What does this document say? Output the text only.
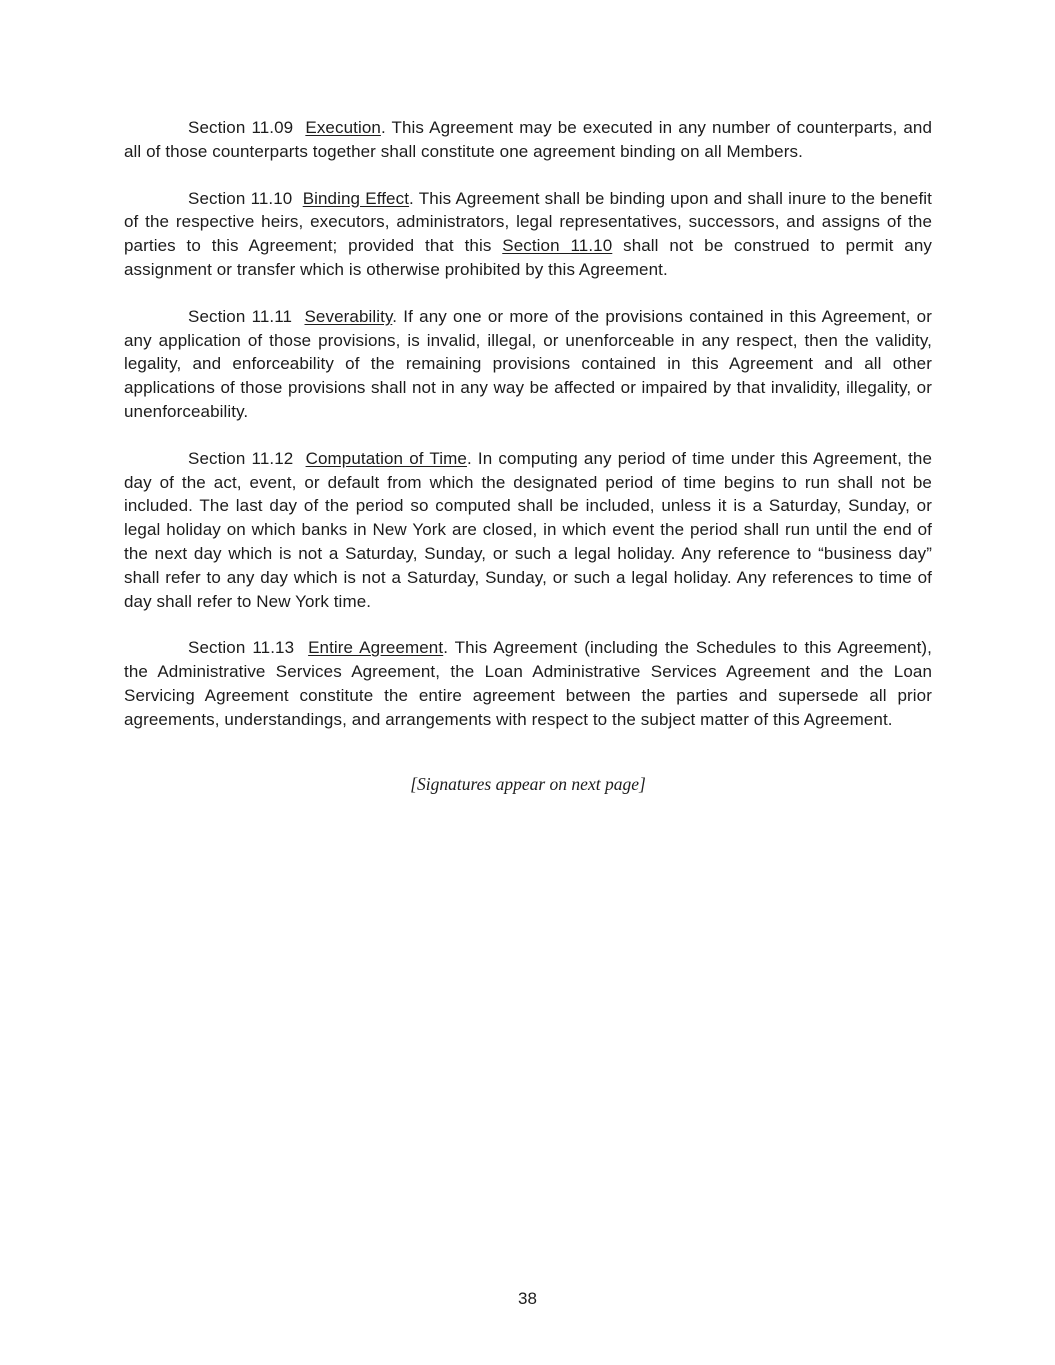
Section 11.09  Execution. This Agreement may be executed in any number of counterparts, and all of those counterparts together shall constitute one agreement binding on all Members.

Section 11.10  Binding Effect. This Agreement shall be binding upon and shall inure to the benefit of the respective heirs, executors, administrators, legal representatives, successors, and assigns of the parties to this Agreement; provided that this Section 11.10 shall not be construed to permit any assignment or transfer which is otherwise prohibited by this Agreement.

Section 11.11  Severability. If any one or more of the provisions contained in this Agreement, or any application of those provisions, is invalid, illegal, or unenforceable in any respect, then the validity, legality, and enforceability of the remaining provisions contained in this Agreement and all other applications of those provisions shall not in any way be affected or impaired by that invalidity, illegality, or unenforceability.

Section 11.12  Computation of Time. In computing any period of time under this Agreement, the day of the act, event, or default from which the designated period of time begins to run shall not be included. The last day of the period so computed shall be included, unless it is a Saturday, Sunday, or legal holiday on which banks in New York are closed, in which event the period shall run until the end of the next day which is not a Saturday, Sunday, or such a legal holiday. Any reference to “business day” shall refer to any day which is not a Saturday, Sunday, or such a legal holiday. Any references to time of day shall refer to New York time.

Section 11.13  Entire Agreement. This Agreement (including the Schedules to this Agreement), the Administrative Services Agreement, the Loan Administrative Services Agreement and the Loan Servicing Agreement constitute the entire agreement between the parties and supersede all prior agreements, understandings, and arrangements with respect to the subject matter of this Agreement.

[Signatures appear on next page]

38
